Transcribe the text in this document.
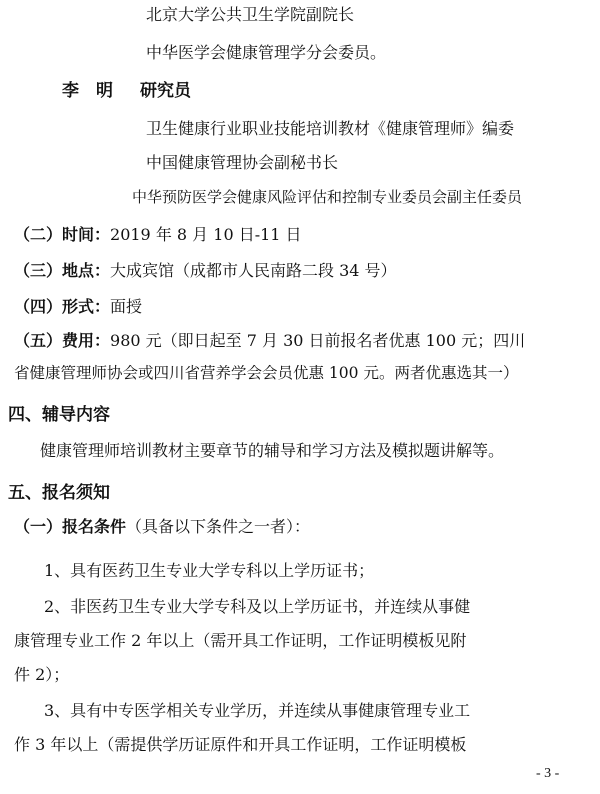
北京大学公共卫生学院副院长
中华医学会健康管理学分会委员。
李　明 研究员
卫生健康行业职业技能培训教材《健康管理师》编委
中国健康管理协会副秘书长
中华预防医学会健康风险评估和控制专业委员会副主任委员
（二）时间：2019 年 8 月 10 日-11 日
（三）地点：大成宾馆（成都市人民南路二段 34 号）
（四）形式：面授
（五）费用：980 元（即日起至 7 月 30 日前报名者优惠 100 元；四川
省健康管理师协会或四川省营养学会会员优惠 100 元。两者优惠选其一）
四、辅导内容
健康管理师培训教材主要章节的辅导和学习方法及模拟题讲解等。
五、报名须知
（一）报名条件（具备以下条件之一者）：
1、具有医药卫生专业大学专科以上学历证书；
2、非医药卫生专业大学专科及以上学历证书，并连续从事健
康管理专业工作 2 年以上（需开具工作证明，工作证明模板见附
件 2）；
3、具有中专医学相关专业学历，并连续从事健康管理专业工
作 3 年以上（需提供学历证原件和开具工作证明，工作证明模板
- 3 -
